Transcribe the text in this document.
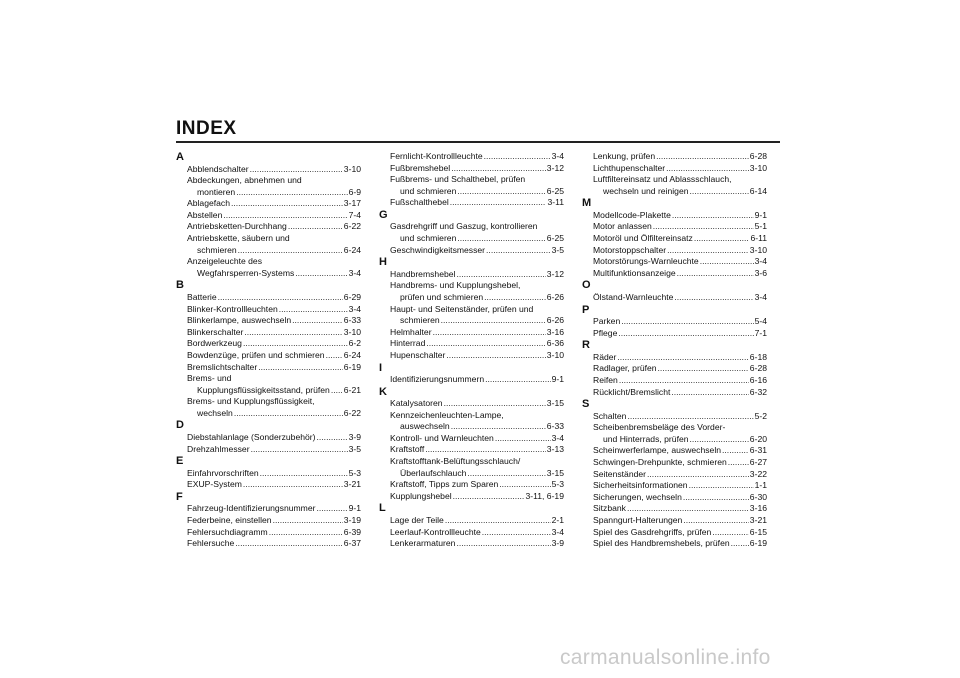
INDEX
A
Abblendschalter .....	3-10
Abdeckungen, abnehmen und
montieren .....	6-9
Ablagefach .....	3-17
Abstellen .....	7-4
Antriebsketten-Durchhang .....	6-22
Antriebskette, säubern und
schmieren .....	6-24
Anzeigeleuchte des
Wegfahrsperren-Systems .....	3-4
B
Batterie .....	6-29
Blinker-Kontrollleuchten .....	3-4
Blinkerlampe, auswechseln .....	6-33
Blinkerschalter .....	3-10
Bordwerkzeug .....	6-2
Bowdenzüge, prüfen und schmieren ..... 6-24
Bremslichtschalter .....	6-19
Brems- und
Kupplungsflüssigkeitsstand, prüfen ..... 6-21
Brems- und Kupplungsflüssigkeit,
wechseln .....	6-22
D
Diebstahlanlage (Sonderzubehör) .....	3-9
Drehzahlmesser .....	3-5
E
Einfahrvorschriften .....	5-3
EXUP-System .....	3-21
F
Fahrzeug-Identifizierungsnummer .....	9-1
Federbeine, einstellen .....	3-19
Fehlersuchdiagramm .....	6-39
Fehlersuche .....	6-37
Fernlicht-Kontrollleuchte .....	3-4
Fußbremshebel .....	3-12
Fußbrems- und Schalthebel, prüfen
und schmieren .....	6-25
Fußschalthebel .....	3-11
G
Gasdrehgriff und Gaszug, kontrollieren
und schmieren .....	6-25
Geschwindigkeitsmesser .....	3-5
H
Handbremshebel .....	3-12
Handbrems- und Kupplungshebel,
prüfen und schmieren .....	6-26
Haupt- und Seitenständer, prüfen und
schmieren .....	6-26
Helmhalter .....	3-16
Hinterrad .....	6-36
Hupenschalter .....	3-10
I
Identifizierungsnummern .....	9-1
K
Katalysatoren .....	3-15
Kennzeichenleuchten-Lampe,
auswechseln .....	6-33
Kontroll- und Warnleuchten .....	3-4
Kraftstoff .....	3-13
Kraftstofftank-Belüftungsschlauch/
Überlaufschlauch .....	3-15
Kraftstoff, Tipps zum Sparen .....	5-3
Kupplungshebel .....	3-11, 6-19
L
Lage der Teile .....	2-1
Leerlauf-Kontrollleuchte .....	3-4
Lenkerarmaturen .....	3-9
Lenkung, prüfen .....	6-28
Lichthupenschalter .....	3-10
Luftfiltereinsatz und Ablassschlauch,
wechseln und reinigen .....	6-14
M
Modellcode-Plakette .....	9-1
Motor anlassen .....	5-1
Motoröl und Ölfiltereinsatz .....	6-11
Motorstoppschalter .....	3-10
Motorstörungs-Warnleuchte .....	3-4
Multifunktionsanzeige .....	3-6
O
Ölstand-Warnleuchte .....	3-4
P
Parken .....	5-4
Pflege .....	7-1
R
Räder .....	6-18
Radlager, prüfen .....	6-28
Reifen .....	6-16
Rücklicht/Bremslicht .....	6-32
S
Schalten .....	5-2
Scheibenbremsbeläge des Vorder-
und Hinterrads, prüfen .....	6-20
Scheinwerferlampe, auswechseln .....	6-31
Schwingen-Drehpunkte, schmieren .....	6-27
Seitenständer .....	3-22
Sicherheitsinformationen .....	1-1
Sicherungen, wechseln .....	6-30
Sitzbank .....	3-16
Spanngurt-Halterungen .....	3-21
Spiel des Gasdrehgriffs, prüfen .....	6-15
Spiel des Handbremshebels, prüfen ..... 6-19
carmanualsonline.info
